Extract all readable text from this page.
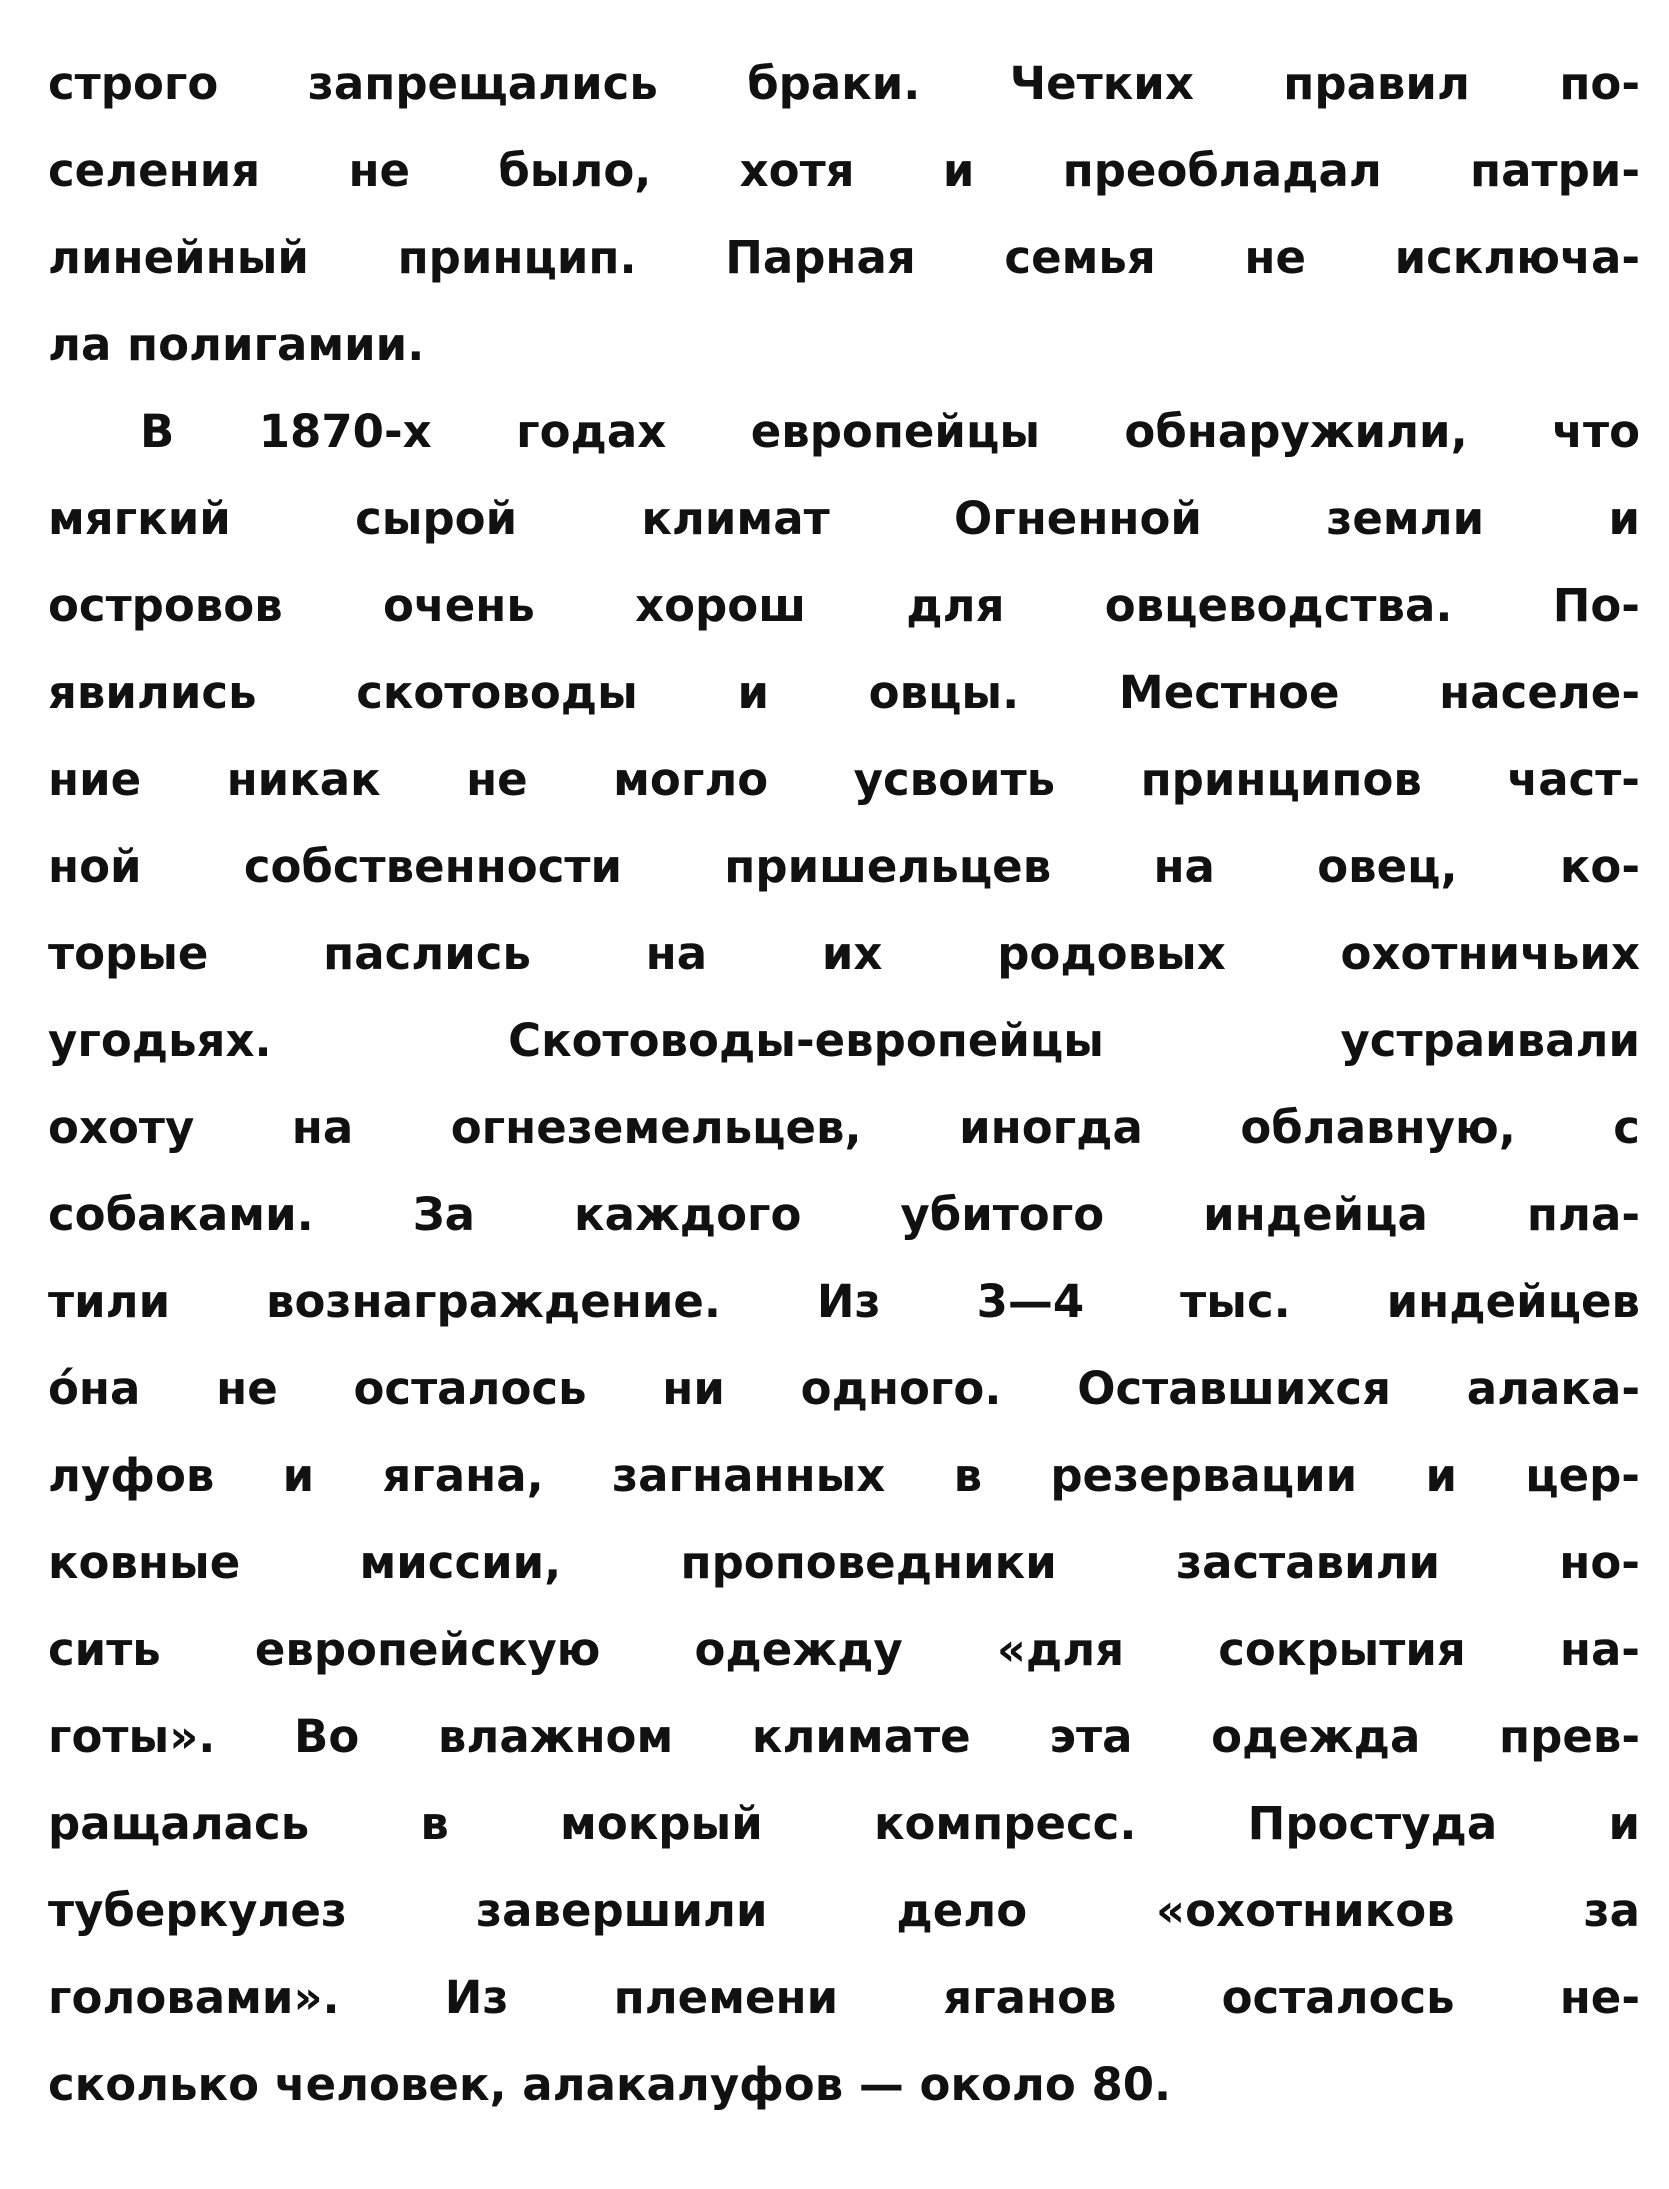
строго запрещались браки. Четких правил по-
селения не было, хотя и преобладал патри-
линейный принцип. Парная семья не исключа-
ла полигамии.
В 1870-х годах европейцы обнаружили, что
мягкий сырой климат Огненной земли и
островов очень хорош для овцеводства. По-
явились скотоводы и овцы. Местное населе-
ние никак не могло усвоить принципов част-
ной собственности пришельцев на овец, ко-
торые паслись на их родовых охотничьих
угодьях. Скотоводы-европейцы устраивали
охоту на огнеземельцев, иногда облавную, с
собаками. За каждого убитого индейца пла-
тили вознаграждение. Из 3—4 тыс. индейцев
óна не осталось ни одного. Оставшихся алака-
луфов и ягана, загнанных в резервации и цер-
ковные миссии, проповедники заставили но-
сить европейскую одежду «для сокрытия на-
готы». Во влажном климате эта одежда прев-
ращалась в мокрый компресс. Простуда и
туберкулез завершили дело «охотников за
головами». Из племени яганов осталось не-
сколько человек, алакалуфов — около 80.
